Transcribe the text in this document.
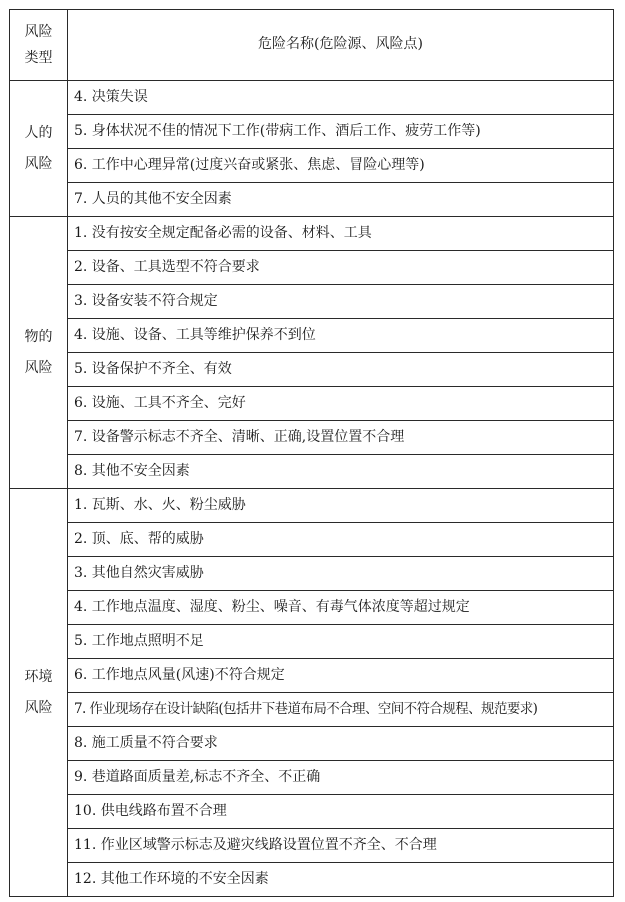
风险类型	危险名称(危险源、风险点)
人的风险	4. 决策失误
	5. 身体状况不佳的情况下工作(带病工作、酒后工作、疲劳工作等)
	6. 工作中心理异常(过度兴奋或紧张、焦虑、冒险心理等)
	7. 人员的其他不安全因素
物的风险	1. 没有按安全规定配备必需的设备、材料、工具
	2. 设备、工具选型不符合要求
	3. 设备安装不符合规定
	4. 设施、设备、工具等维护保养不到位
	5. 设备保护不齐全、有效
	6. 设施、工具不齐全、完好
	7. 设备警示标志不齐全、清晰、正确,设置位置不合理
	8. 其他不安全因素
环境风险	1. 瓦斯、水、火、粉尘威胁
	2. 顶、底、帮的威胁
	3. 其他自然灾害威胁
	4. 工作地点温度、湿度、粉尘、噪音、有毒气体浓度等超过规定
	5. 工作地点照明不足
	6. 工作地点风量(风速)不符合规定
	7. 作业现场存在设计缺陷(包括井下巷道布局不合理、空间不符合规程、规范要求)
	8. 施工质量不符合要求
	9. 巷道路面质量差,标志不齐全、不正确
	10. 供电线路布置不合理
	11. 作业区域警示标志及避灾线路设置位置不齐全、不合理
	12. 其他工作环境的不安全因素
